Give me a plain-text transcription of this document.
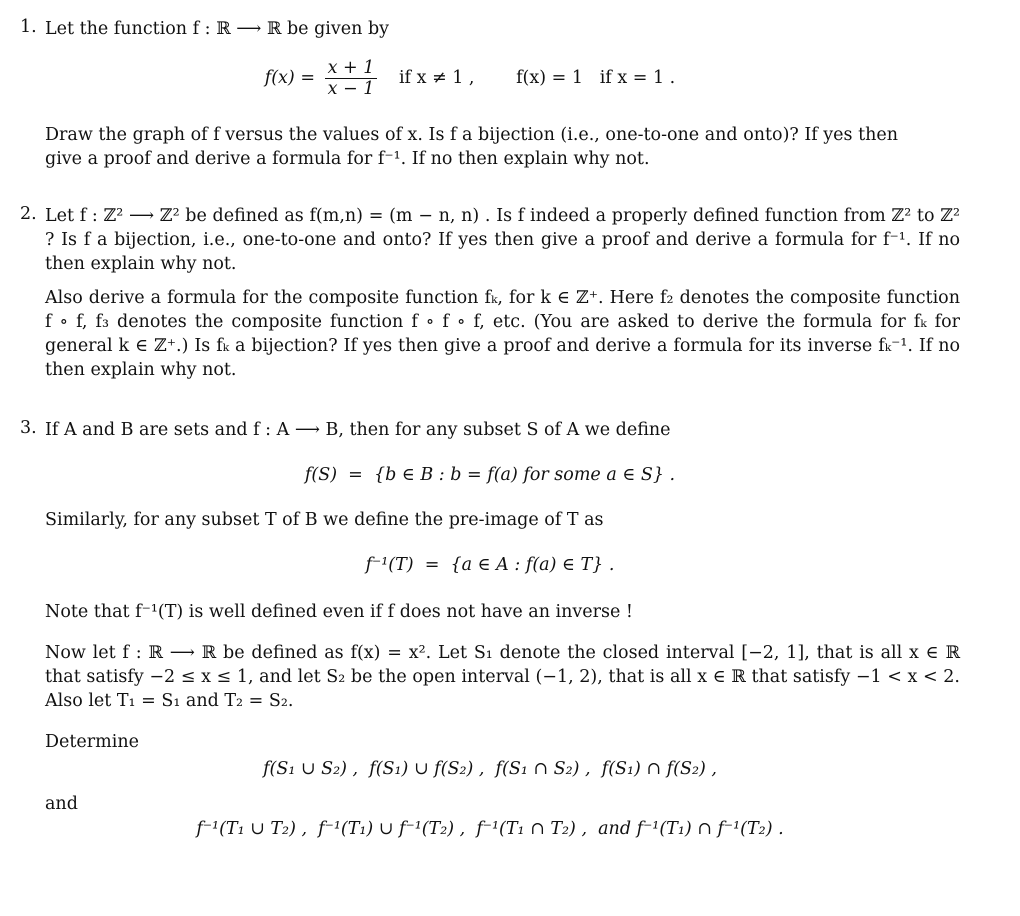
1. Let the function f : ℝ ⟶ ℝ be given by
$f(x) = \frac{x + 1}{x - 1}$ if x ≠ 1 , f(x) = 1   if x = 1 .
Draw the graph of f versus the values of x. Is f a bijection (i.e., one-to-one and onto)? If yes then
give a proof and derive a formula for f⁻¹. If no then explain why not.
2. Let f : ℤ² ⟶ ℤ² be defined as f(m,n) = (m − n, n) . Is f indeed a properly defined function from ℤ² to ℤ² ? Is f a bijection, i.e., one-to-one and onto? If yes then give a proof and derive a formula for f⁻¹. If no then explain why not.
Also derive a formula for the composite function fₖ, for k ∈ ℤ⁺. Here f₂ denotes the composite function f ∘ f, f₃ denotes the composite function f ∘ f ∘ f, etc. (You are asked to derive the formula for fₖ for general k ∈ ℤ⁺.) Is fₖ a bijection? If yes then give a proof and derive a formula for its inverse fₖ⁻¹. If no then explain why not.
3. If A and B are sets and f : A ⟶ B, then for any subset S of A we define
f(S)  =  {b ∈ B : b = f(a) for some a ∈ S} .
Similarly, for any subset T of B we define the pre-image of T as
f⁻¹(T)  =  {a ∈ A : f(a) ∈ T} .
Note that f⁻¹(T) is well defined even if f does not have an inverse !
Now let f : ℝ ⟶ ℝ be defined as f(x) = x². Let S₁ denote the closed interval [−2, 1], that is all x ∈ ℝ that satisfy −2 ≤ x ≤ 1, and let S₂ be the open interval (−1, 2), that is all x ∈ ℝ that satisfy −1 < x < 2. Also let T₁ = S₁ and T₂ = S₂.
Determine
f(S₁ ∪ S₂) ,  f(S₁) ∪ f(S₂) ,  f(S₁ ∩ S₂) ,  f(S₁) ∩ f(S₂) ,
and
f⁻¹(T₁ ∪ T₂) ,  f⁻¹(T₁) ∪ f⁻¹(T₂) ,  f⁻¹(T₁ ∩ T₂) ,  and f⁻¹(T₁) ∩ f⁻¹(T₂) .
